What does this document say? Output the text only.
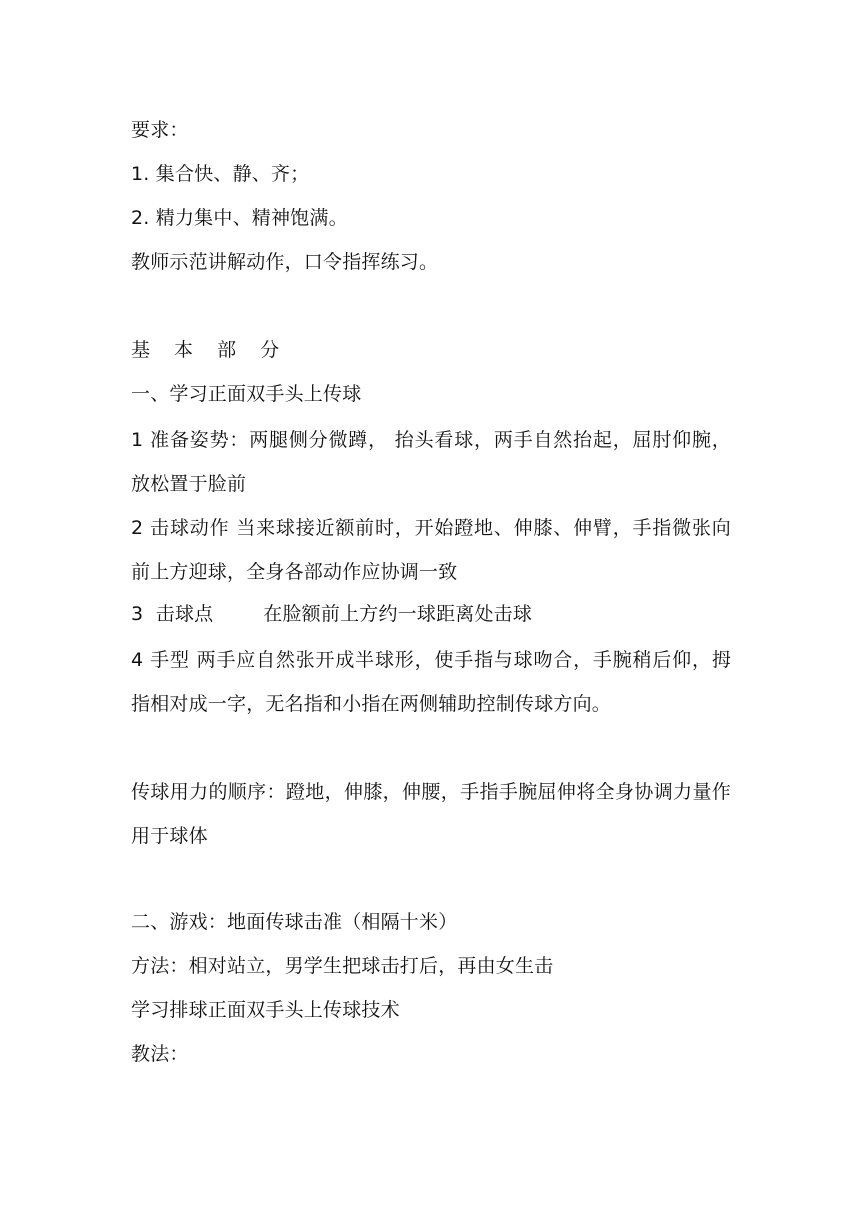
要求：
1. 集合快、静、齐；
2. 精力集中、精神饱满。
教师示范讲解动作，口令指挥练习。
基 本 部 分
一、学习正面双手头上传球
1 准备姿势：两腿侧分微蹲， 抬头看球，两手自然抬起，屈肘仰腕，放松置于脸前
2 击球动作 当来球接近额前时，开始蹬地、伸膝、伸臂，手指微张向前上方迎球，全身各部动作应协调一致
3  击球点        在脸额前上方约一球距离处击球
4 手型 两手应自然张开成半球形，使手指与球吻合，手腕稍后仰，拇指相对成一字，无名指和小指在两侧辅助控制传球方向。
传球用力的顺序：蹬地，伸膝，伸腰，手指手腕屈伸将全身协调力量作用于球体
二、游戏：地面传球击准（相隔十米）
方法：相对站立，男学生把球击打后，再由女生击
学习排球正面双手头上传球技术
教法：
